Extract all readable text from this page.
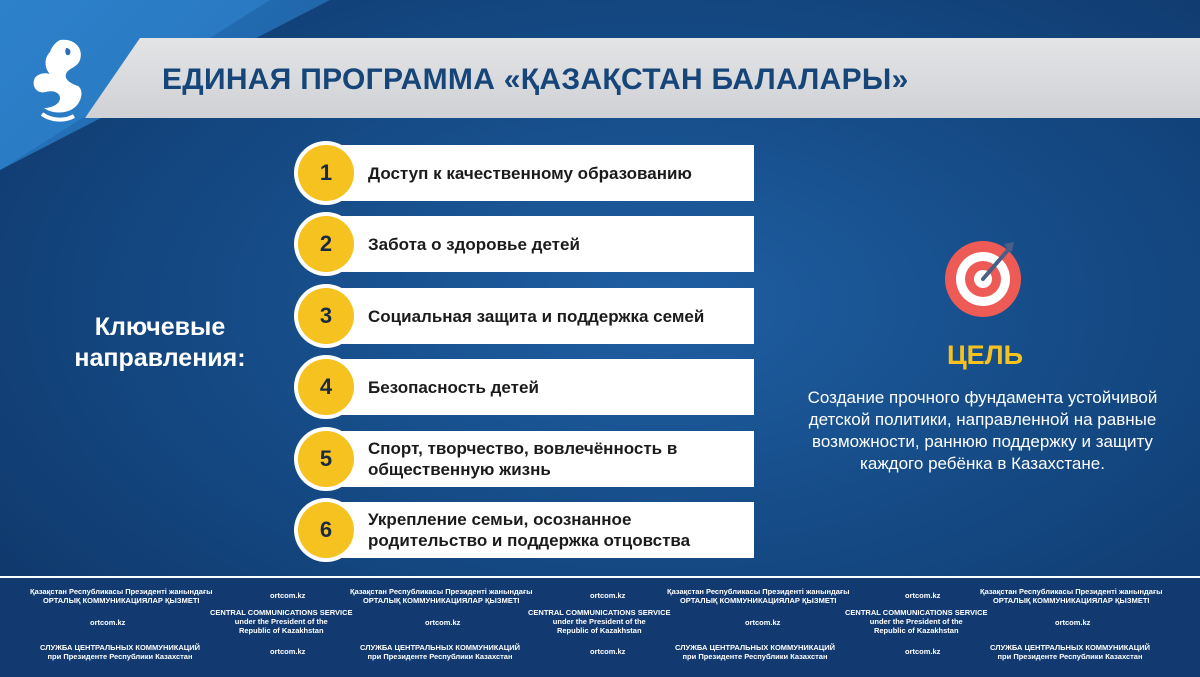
ЕДИНАЯ ПРОГРАММА «ҚАЗАҚСТАН БАЛАЛАРЫ»
Ключевые направления:
1	Доступ к качественному образованию
2	Забота о здоровье детей
3	Социальная защита и поддержка семей
4	Безопасность детей
5	Спорт, творчество, вовлечённость в общественную жизнь
6	Укрепление семьи, осознанное родительство и поддержка отцовства
ЦЕЛЬ
Создание прочного фундамента устойчивой детской политики, направленной на равные возможности, раннюю поддержку и защиту каждого ребёнка в Казахстане.
Қазақстан Республикасы Президенті жанындағы
ОРТАЛЫҚ КОММУНИКАЦИЯЛАР ҚЫЗМЕТІ
ortcom.kz
CENTRAL COMMUNICATIONS SERVICE
under the President of the
Republic of Kazakhstan
ortcom.kz
СЛУЖБА ЦЕНТРАЛЬНЫХ КОММУНИКАЦИЙ
при Президенте Республики Казахстан
ortcom.kz
Қазақстан Республикасы Президенті жанындағы
ОРТАЛЫҚ КОММУНИКАЦИЯЛАР ҚЫЗМЕТІ
ortcom.kz
CENTRAL COMMUNICATIONS SERVICE
under the President of the
Republic of Kazakhstan
ortcom.kz
СЛУЖБА ЦЕНТРАЛЬНЫХ КОММУНИКАЦИЙ
при Президенте Республики Казахстан
ortcom.kz
Қазақстан Республикасы Президенті жанындағы
ОРТАЛЫҚ КОММУНИКАЦИЯЛАР ҚЫЗМЕТІ
ortcom.kz
CENTRAL COMMUNICATIONS SERVICE
under the President of the
Republic of Kazakhstan
ortcom.kz
СЛУЖБА ЦЕНТРАЛЬНЫХ КОММУНИКАЦИЙ
при Президенте Республики Казахстан
ortcom.kz
Қазақстан Республикасы Президенті жанындағы
ОРТАЛЫҚ КОММУНИКАЦИЯЛАР ҚЫЗМЕТІ
ortcom.kz
СЛУЖБА ЦЕНТРАЛЬНЫХ КОММУНИКАЦИЙ
при Президенте Республики Казахстан
